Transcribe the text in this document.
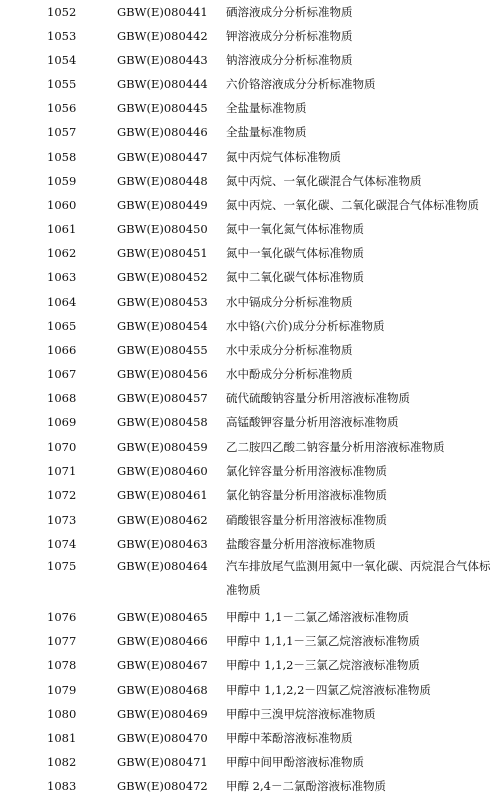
1052	GBW(E)080441 硒溶液成分分析标准物质
1053	GBW(E)080442 钾溶液成分分析标准物质
1054	GBW(E)080443 钠溶液成分分析标准物质
1055	GBW(E)080444 六价铬溶液成分分析标准物质
1056	GBW(E)080445 全盐量标准物质
1057	GBW(E)080446 全盐量标准物质
1058	GBW(E)080447 氮中丙烷气体标准物质
1059	GBW(E)080448 氮中丙烷、一氧化碳混合气体标准物质
1060	GBW(E)080449 氮中丙烷、一氧化碳、二氧化碳混合气体标准物质
1061	GBW(E)080450 氮中一氧化氮气体标准物质
1062	GBW(E)080451 氮中一氧化碳气体标准物质
1063	GBW(E)080452 氮中二氧化碳气体标准物质
1064	GBW(E)080453 水中镉成分分析标准物质
1065	GBW(E)080454 水中铬(六价)成分分析标准物质
1066	GBW(E)080455 水中汞成分分析标准物质
1067	GBW(E)080456 水中酚成分分析标准物质
1068	GBW(E)080457 硫代硫酸钠容量分析用溶液标准物质
1069	GBW(E)080458 高锰酸钾容量分析用溶液标准物质
1070	GBW(E)080459 乙二胺四乙酸二钠容量分析用溶液标准物质
1071	GBW(E)080460 氯化锌容量分析用溶液标准物质
1072	GBW(E)080461 氯化钠容量分析用溶液标准物质
1073	GBW(E)080462 硝酸银容量分析用溶液标准物质
1074	GBW(E)080463 盐酸容量分析用溶液标准物质
1075	GBW(E)080464 汽车排放尾气监测用氮中一氧化碳、丙烷混合气体标
准物质
1076	GBW(E)080465 甲醇中 1,1－二氯乙烯溶液标准物质
1077	GBW(E)080466 甲醇中 1,1,1－三氯乙烷溶液标准物质
1078	GBW(E)080467 甲醇中 1,1,2－三氯乙烷溶液标准物质
1079	GBW(E)080468 甲醇中 1,1,2,2－四氯乙烷溶液标准物质
1080	GBW(E)080469 甲醇中三溴甲烷溶液标准物质
1081	GBW(E)080470 甲醇中苯酚溶液标准物质
1082	GBW(E)080471 甲醇中间甲酚溶液标准物质
1083	GBW(E)080472 甲醇 2,4－二氯酚溶液标准物质
